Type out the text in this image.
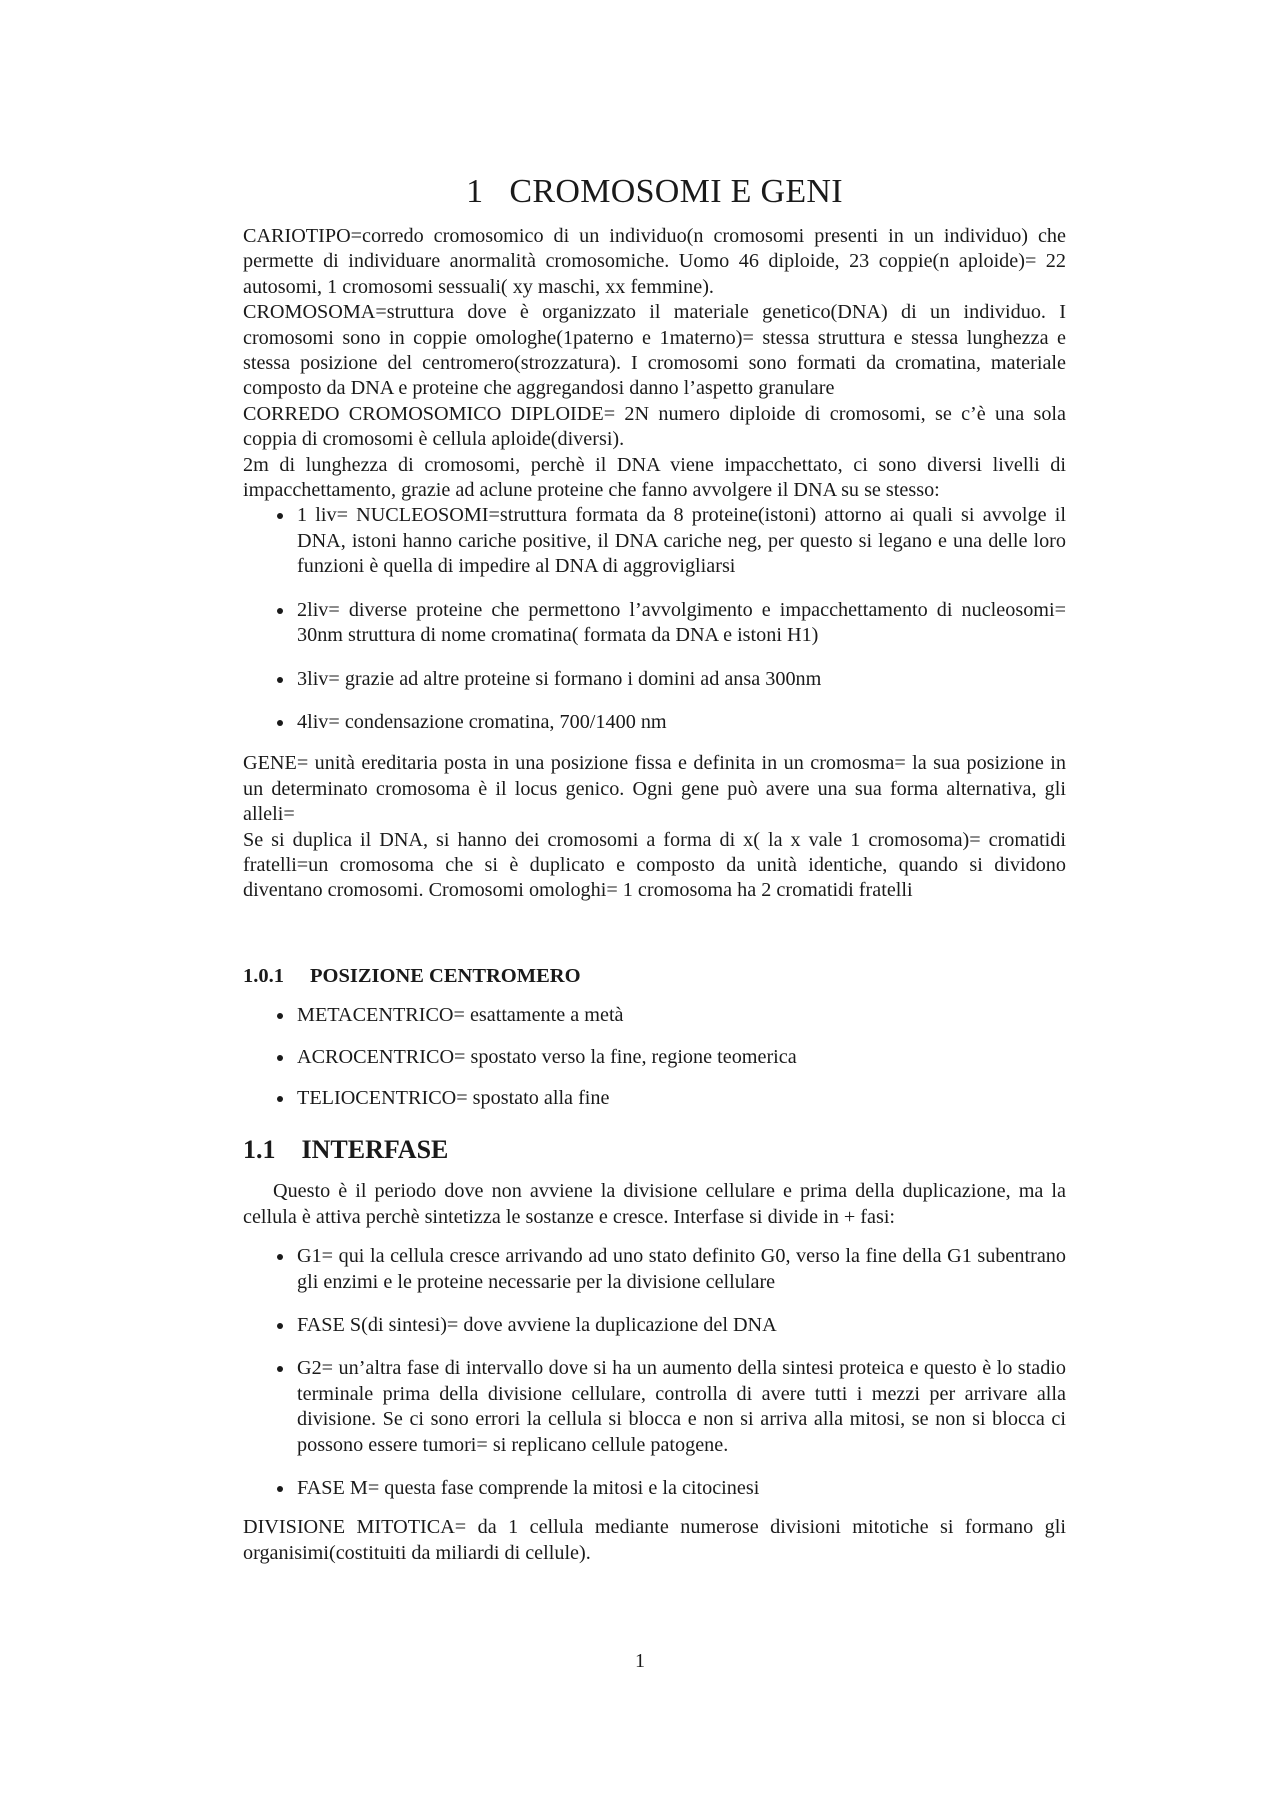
1 CROMOSOMI E GENI

CARIOTIPO=corredo cromosomico di un individuo(n cromosomi presenti in un individuo) che permette di individuare anormalità cromosomiche. Uomo 46 diploide, 23 coppie(n aploide)= 22 autosomi, 1 cromosomi sessuali( xy maschi, xx femmine).

CROMOSOMA=struttura dove è organizzato il materiale genetico(DNA) di un individuo. I cromosomi sono in coppie omologhe(1paterno e 1materno)= stessa struttura e stessa lunghezza e stessa posizione del centromero(strozzatura). I cromosomi sono formati da cromatina, materiale composto da DNA e proteine che aggregandosi danno l’aspetto granulare

CORREDO CROMOSOMICO DIPLOIDE= 2N numero diploide di cromosomi, se c’è una sola coppia di cromosomi è cellula aploide(diversi).

2m di lunghezza di cromosomi, perchè il DNA viene impacchettato, ci sono diversi livelli di impacchettamento, grazie ad aclune proteine che fanno avvolgere il DNA su se stesso:

1 liv= NUCLEOSOMI=struttura formata da 8 proteine(istoni) attorno ai quali si avvolge il DNA, istoni hanno cariche positive, il DNA cariche neg, per questo si legano e una delle loro funzioni è quella di impedire al DNA di aggrovigliarsi
2liv= diverse proteine che permettono l’avvolgimento e impacchettamento di nucleosomi= 30nm struttura di nome cromatina( formata da DNA e istoni H1)
3liv= grazie ad altre proteine si formano i domini ad ansa 300nm
4liv= condensazione cromatina, 700/1400 nm

GENE= unità ereditaria posta in una posizione fissa e definita in un cromosma= la sua posizione in un determinato cromosoma è il locus genico. Ogni gene può avere una sua forma alternativa, gli alleli=

Se si duplica il DNA, si hanno dei cromosomi a forma di x( la x vale 1 cromosoma)= cromatidi fratelli=un cromosoma che si è duplicato e composto da unità identiche, quando si dividono diventano cromosomi. Cromosomi omologhi= 1 cromosoma ha 2 cromatidi fratelli

1.0.1 POSIZIONE CENTROMERO
METACENTRICO= esattamente a metà
ACROCENTRICO= spostato verso la fine, regione teomerica
TELIOCENTRICO= spostato alla fine
1.1 INTERFASE

Questo è il periodo dove non avviene la divisione cellulare e prima della duplicazione, ma la cellula è attiva perchè sintetizza le sostanze e cresce. Interfase si divide in + fasi:

G1= qui la cellula cresce arrivando ad uno stato definito G0, verso la fine della G1 subentrano gli enzimi e le proteine necessarie per la divisione cellulare
FASE S(di sintesi)= dove avviene la duplicazione del DNA
G2= un’altra fase di intervallo dove si ha un aumento della sintesi proteica e questo è lo stadio terminale prima della divisione cellulare, controlla di avere tutti i mezzi per arrivare alla divisione. Se ci sono errori la cellula si blocca e non si arriva alla mitosi, se non si blocca ci possono essere tumori= si replicano cellule patogene.
FASE M= questa fase comprende la mitosi e la citocinesi

DIVISIONE MITOTICA= da 1 cellula mediante numerose divisioni mitotiche si formano gli organisimi(costituiti da miliardi di cellule).

1
